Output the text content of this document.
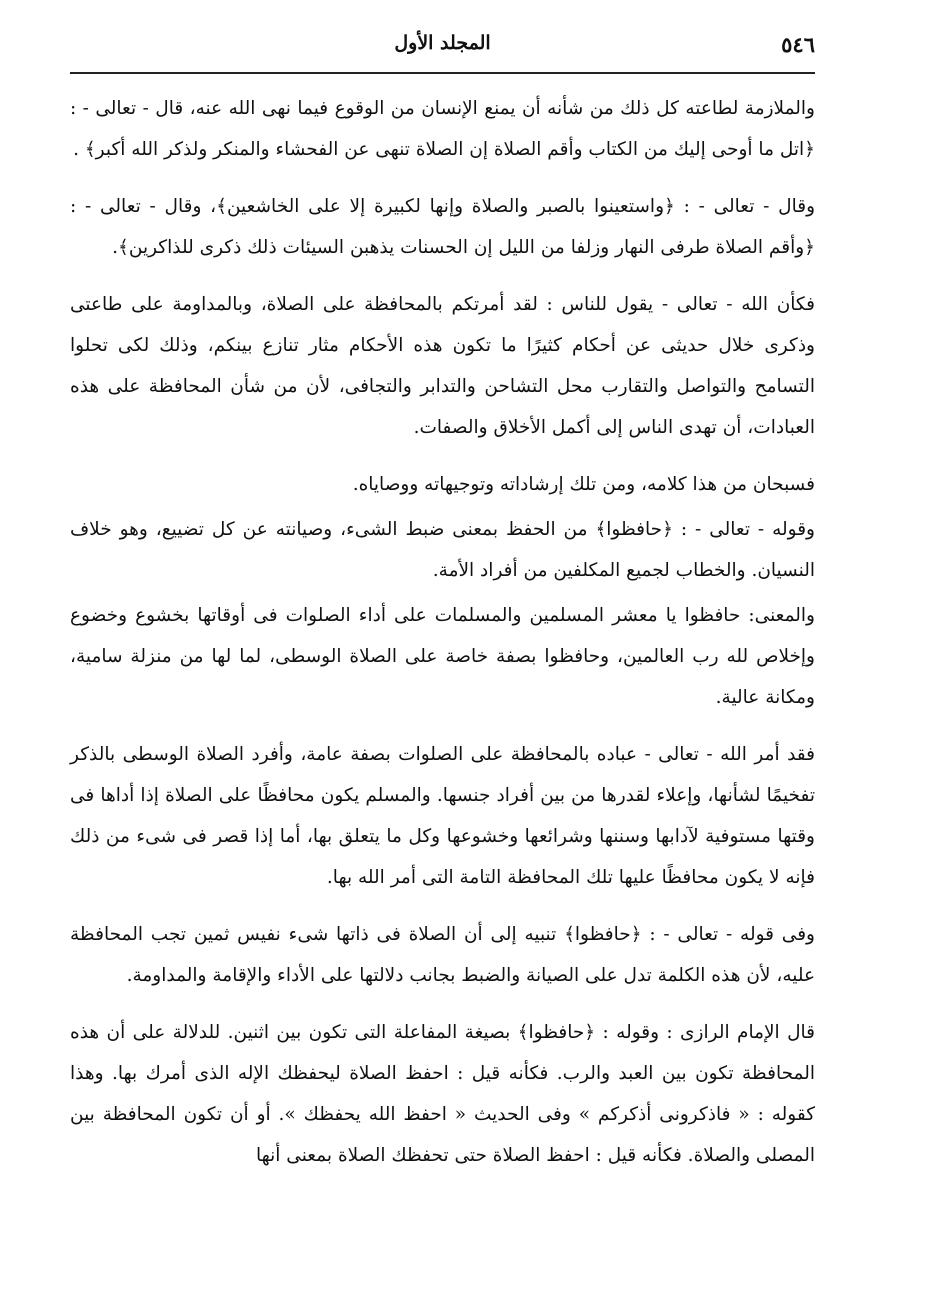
٥٤٦
المجلد الأول

والملازمة لطاعته كل ذلك من شأنه أن يمنع الإنسان من الوقوع فيما نهى الله عنه، قال - تعالى - : ﴿اتل ما أوحى إليك من الكتاب وأقم الصلاة إن الصلاة تنهى عن الفحشاء والمنكر ولذكر الله أكبر﴾ .

وقال - تعالى - : ﴿واستعينوا بالصبر والصلاة وإنها لكبيرة إلا على الخاشعين﴾، وقال - تعالى - : ﴿وأقم الصلاة طرفى النهار وزلفا من الليل إن الحسنات يذهبن السيئات ذلك ذكرى للذاكرين﴾.

فكأن الله - تعالى - يقول للناس : لقد أمرتكم بالمحافظة على الصلاة، وبالمداومة على طاعتى وذكرى خلال حديثى عن أحكام كثيرًا ما تكون هذه الأحكام مثار تنازع بينكم، وذلك لكى تحلوا التسامح والتواصل والتقارب محل التشاحن والتدابر والتجافى، لأن من شأن المحافظة على هذه العبادات، أن تهدى الناس إلى أكمل الأخلاق والصفات.

فسبحان من هذا كلامه، ومن تلك إرشاداته وتوجيهاته ووصاياه.

وقوله - تعالى - : ﴿حافظوا﴾ من الحفظ بمعنى ضبط الشىء، وصيانته عن كل تضييع، وهو خلاف النسيان. والخطاب لجميع المكلفين من أفراد الأمة.

والمعنى: حافظوا يا معشر المسلمين والمسلمات على أداء الصلوات فى أوقاتها بخشوع وخضوع وإخلاص لله رب العالمين، وحافظوا بصفة خاصة على الصلاة الوسطى، لما لها من منزلة سامية، ومكانة عالية.

فقد أمر الله - تعالى - عباده بالمحافظة على الصلوات بصفة عامة، وأفرد الصلاة الوسطى بالذكر تفخيمًا لشأنها، وإعلاء لقدرها من بين أفراد جنسها. والمسلم يكون محافظًا على الصلاة إذا أداها فى وقتها مستوفية لآدابها وسننها وشرائعها وخشوعها وكل ما يتعلق بها، أما إذا قصر فى شىء من ذلك فإنه لا يكون محافظًا عليها تلك المحافظة التامة التى أمر الله بها.

وفى قوله - تعالى - : ﴿حافظوا﴾ تنبيه إلى أن الصلاة فى ذاتها شىء نفيس ثمين تجب المحافظة عليه، لأن هذه الكلمة تدل على الصيانة والضبط بجانب دلالتها على الأداء والإقامة والمداومة.

قال الإمام الرازى : وقوله : ﴿حافظوا﴾ بصيغة المفاعلة التى تكون بين اثنين. للدلالة على أن هذه المحافظة تكون بين العبد والرب. فكأنه قيل : احفظ الصلاة ليحفظك الإله الذى أمرك بها. وهذا كقوله : « فاذكرونى أذكركم » وفى الحديث « احفظ الله يحفظك ». أو أن تكون المحافظة بين المصلى والصلاة. فكأنه قيل : احفظ الصلاة حتى تحفظك الصلاة بمعنى أنها
